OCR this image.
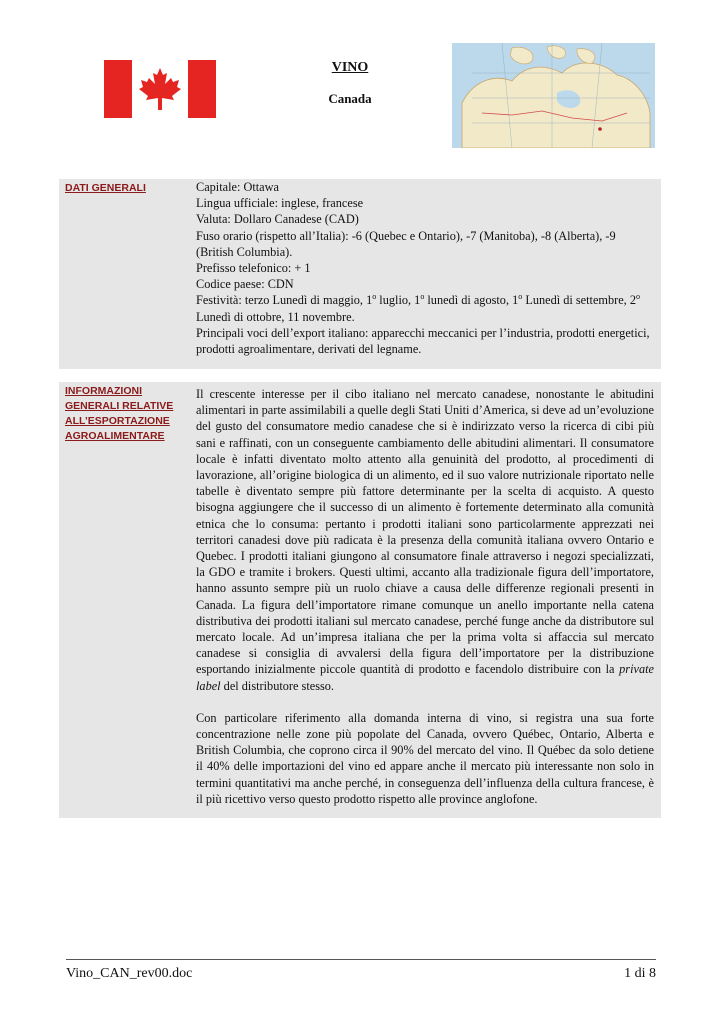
VINO

Canada
DATI GENERALI	Capitale: Ottawa

Lingua ufficiale: inglese, francese

Valuta: Dollaro Canadese (CAD)

Fuso orario (rispetto all’Italia): -6 (Quebec e Ontario), -7 (Manitoba), -8 (Alberta), -9 (British Columbia).

Prefisso telefonico: + 1

Codice paese: CDN

Festività: terzo Lunedì di maggio, 1$^o$ luglio, 1$^o$ lunedì di agosto, 1$^o$ Lunedì di settembre, 2$^o$ Lunedì di ottobre, 11 novembre.

Principali voci dell’export italiano: apparecchi meccanici per l’industria, prodotti energetici, prodotti agroalimentare, derivati del legname.

INFORMAZIONI GENERALI RELATIVE ALL’ESPORTAZIONE AGROALIMENTARE

Il crescente interesse per il cibo italiano nel mercato canadese, nonostante le abitudini alimentari in parte assimilabili a quelle degli Stati Uniti d’America, si deve ad un’evoluzione del gusto del consumatore medio canadese che si è indirizzato verso la ricerca di cibi più sani e raffinati, con un conseguente cambiamento delle abitudini alimentari. Il consumatore locale è infatti diventato molto attento alla genuinità del prodotto, al procedimenti di lavorazione, all’origine biologica di un alimento, ed il suo valore nutrizionale riportato nelle tabelle è diventato sempre più fattore determinante per la scelta di acquisto. A questo bisogna aggiungere che il successo di un alimento è fortemente determinato alla comunità etnica che lo consuma: pertanto i prodotti italiani sono particolarmente apprezzati nei territori canadesi dove più radicata è la presenza della comunità italiana ovvero Ontario e Quebec. I prodotti italiani giungono al consumatore finale attraverso i negozi specializzati, la GDO e tramite i brokers. Questi ultimi, accanto alla tradizionale figura dell’importatore, hanno assunto sempre più un ruolo chiave a causa delle differenze regionali presenti in Canada. La figura dell’importatore rimane comunque un anello importante nella catena distributiva dei prodotti italiani sul mercato canadese, perché funge anche da distributore sul mercato locale. Ad un’impresa italiana che per la prima volta si affaccia sul mercato canadese si consiglia di avvalersi della figura dell’importatore per la distribuzione esportando inizialmente piccole quantità di prodotto e facendolo distribuire con la private label del distributore stesso.

Con particolare riferimento alla domanda interna di vino, si registra una sua forte concentrazione nelle zone più popolate del Canada, ovvero Québec, Ontario, Alberta e British Columbia, che coprono circa il 90% del mercato del vino. Il Québec da solo detiene il 40% delle importazioni del vino ed appare anche il mercato più interessante non solo in termini quantitativi ma anche perché, in conseguenza dell’influenza della cultura francese, è il più ricettivo verso questo prodotto rispetto alle province anglofone.

Vino_CAN_rev00.doc	1 di 8
